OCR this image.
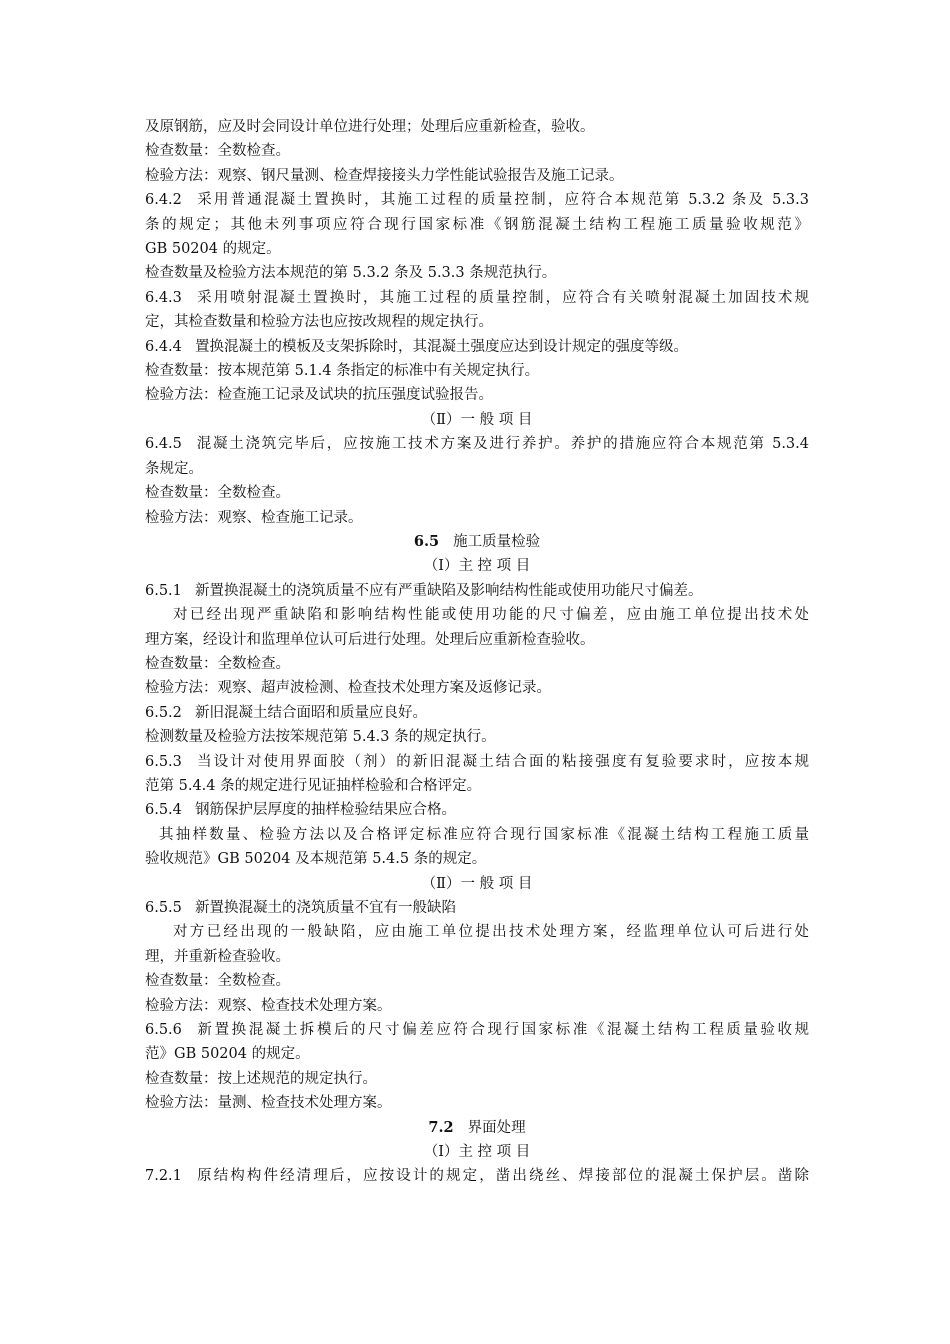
及原钢筋，应及时会同设计单位进行处理；处理后应重新检查，验收。
检查数量：全数检查。
检验方法：观察、钢尺量测、检查焊接接头力学性能试验报告及施工记录。
6.4.2 采用普通混凝土置换时，其施工过程的质量控制，应符合本规范第 5.3.2 条及 5.3.3
条的规定；其他未列事项应符合现行国家标准《钢筋混凝土结构工程施工质量验收规范》
GB 50204 的规定。
检查数量及检验方法本规范的第 5.3.2 条及 5.3.3 条规范执行。
6.4.3 采用喷射混凝土置换时，其施工过程的质量控制，应符合有关喷射混凝土加固技术规
定，其检查数量和检验方法也应按改规程的规定执行。
6.4.4 置换混凝土的模板及支架拆除时，其混凝土强度应达到设计规定的强度等级。
检查数量：按本规范第 5.1.4 条指定的标准中有关规定执行。
检验方法：检查施工记录及试块的抗压强度试验报告。
（Ⅱ）一 般 项 目
6.4.5 混凝土浇筑完毕后，应按施工技术方案及进行养护。养护的措施应符合本规范第 5.3.4
条规定。
检查数量：全数检查。
检验方法：观察、检查施工记录。
6.5 施工质量检验
（Ⅰ）主 控 项 目
6.5.1 新置换混凝土的浇筑质量不应有严重缺陷及影响结构性能或使用功能尺寸偏差。
对已经出现严重缺陷和影响结构性能或使用功能的尺寸偏差，应由施工单位提出技术处
理方案，经设计和监理单位认可后进行处理。处理后应重新检查验收。
检查数量：全数检查。
检验方法：观察、超声波检测、检查技术处理方案及返修记录。
6.5.2 新旧混凝土结合面昭和质量应良好。
检测数量及检验方法按笨规范第 5.4.3 条的规定执行。
6.5.3 当设计对使用界面胶（剂）的新旧混凝土结合面的粘接强度有复验要求时，应按本规
范第 5.4.4 条的规定进行见证抽样检验和合格评定。
6.5.4 钢筋保护层厚度的抽样检验结果应合格。
其抽样数量、检验方法以及合格评定标准应符合现行国家标准《混凝土结构工程施工质量
验收规范》GB 50204 及本规范第 5.4.5 条的规定。
（Ⅱ）一 般 项 目
6.5.5 新置换混凝土的浇筑质量不宜有一般缺陷
对方已经出现的一般缺陷，应由施工单位提出技术处理方案，经监理单位认可后进行处
理，并重新检查验收。
检查数量：全数检查。
检验方法：观察、检查技术处理方案。
6.5.6 新置换混凝土拆模后的尺寸偏差应符合现行国家标准《混凝土结构工程质量验收规
范》GB 50204 的规定。
检查数量：按上述规范的规定执行。
检验方法：量测、检查技术处理方案。
7.2 界面处理
（Ⅰ）主 控 项 目
7.2.1 原结构构件经清理后，应按设计的规定，凿出绕丝、焊接部位的混凝土保护层。凿除
